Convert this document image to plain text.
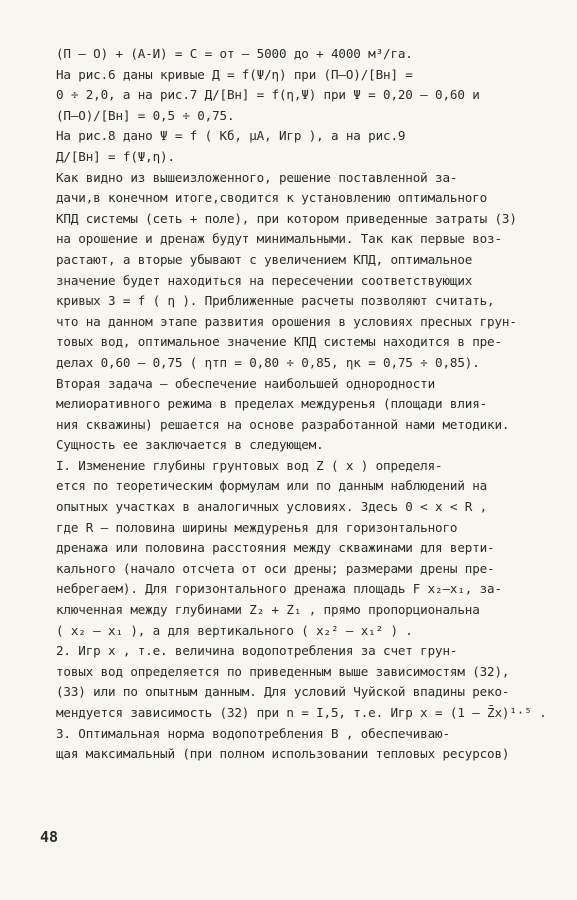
(П – О) + (А-И) = С = от – 5000 до + 4000 м³/га.
На рис.6 даны кривые Д = f(Ψ/η) при (П–О)/[Вн] =
0 ÷ 2,0, а на рис.7 Д/[Вн] = f(η,Ψ) при Ψ = 0,20 – 0,60 и
(П–О)/[Вн] = 0,5 ÷ 0,75.
На рис.8 дано Ψ = f ( Kб, μА, Игр ), а на рис.9
Д/[Вн] = f(Ψ,η).
Как видно из вышеизложенного, решение поставленной за-
дачи,в конечном итоге,сводится к установлению оптимального
КПД системы (сеть + поле), при котором приведенные затраты (3)
на орошение и дренаж будут минимальными. Так как первые воз-
растают, а вторые убывают с увеличением КПД, оптимальное
значение будет находиться на пересечении соответствующих
кривых З = f ( η ). Приближенные расчеты позволяют считать,
что на данном этапе развития орошения в условиях пресных грун-
товых вод, оптимальное значение КПД системы находится в пре-
делах 0,60 – 0,75 ( ηтп = 0,80 ÷ 0,85, ηк = 0,75 ÷ 0,85).
Вторая задача – обеспечение наибольшей однородности
мелиоративного режима в пределах междуренья (площади влия-
ния скважины) решается на основе разработанной нами методики.
Сущность ее заключается в следующем.
I. Изменение глубины грунтовых вод Z ( x ) определя-
ется по теоретическим формулам или по данным наблюдений на
опытных участках в аналогичных условиях. Здесь 0 < x < R ,
где R – половина ширины междуренья для горизонтального
дренажа или половина расстояния между скважинами для верти-
кального (начало отсчета от оси дрены; размерами дрены пре-
небрегаем). Для горизонтального дренажа площадь F x₂–x₁, за-
ключенная между глубинами Z₂ + Z₁ , прямо пропорциональна
( x₂ – x₁ ), а для вертикального ( x₂² – x₁² ) .
2. Игр x , т.е. величина водопотребления за счет грун-
товых вод определяется по приведенным выше зависимостям (32),
(33) или по опытным данным. Для условий Чуйской впадины реко-
мендуется зависимость (32) при n = I,5, т.е. Игр x = (1 – Z̄x)¹·⁵ .
3. Оптимальная норма водопотребления В , обеспечиваю-
щая максимальный (при полном использовании тепловых ресурсов)
48
